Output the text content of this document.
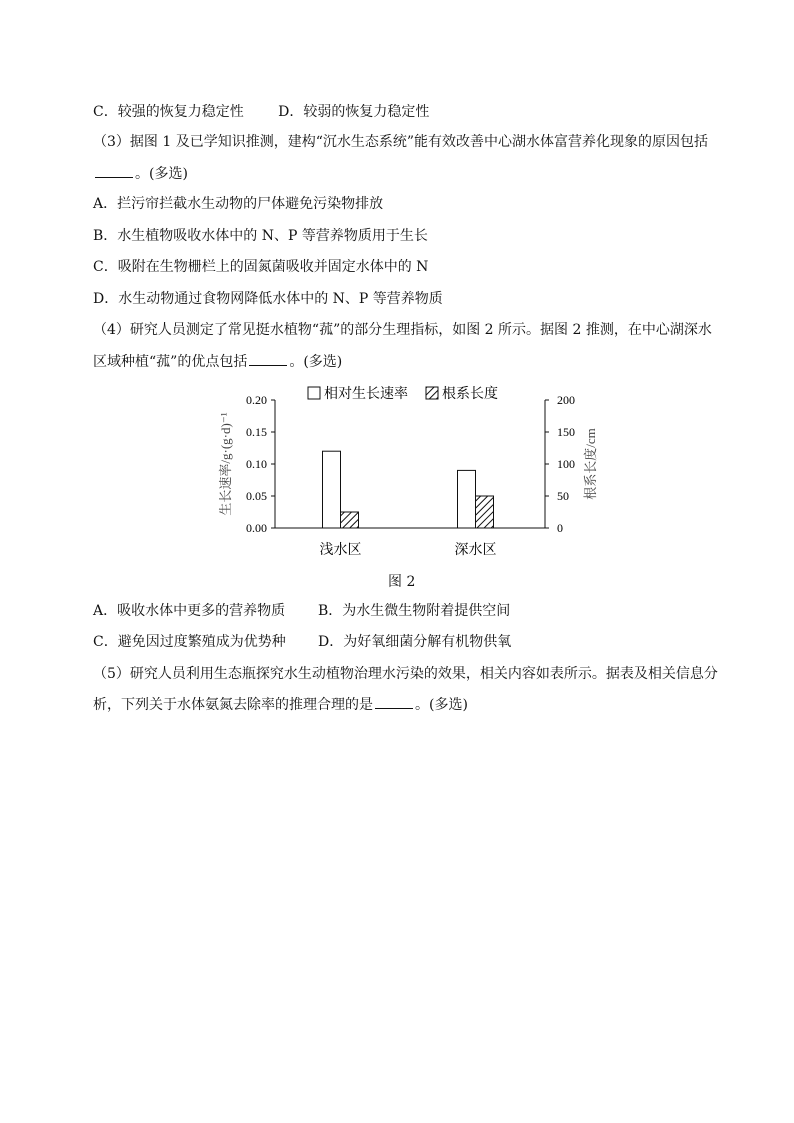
C．较强的恢复力稳定性 D．较弱的恢复力稳定性
（3）据图 1 及已学知识推测，建构“沉水生态系统”能有效改善中心湖水体富营养化现象的原因包括
。(多选)
A．拦污帘拦截水生动物的尸体避免污染物排放
B．水生植物吸收水体中的 N、P 等营养物质用于生长
C．吸附在生物栅栏上的固氮菌吸收并固定水体中的 N
D．水生动物通过食物网降低水体中的 N、P 等营养物质
（4）研究人员测定了常见挺水植物“菰”的部分生理指标，如图 2 所示。据图 2 推测，在中心湖深水
区域种植“菰”的优点包括	。(多选)
0.00
0.05
0.10
0.15
0.20
0
50
100
150
200
生长速率/g·(g·d)⁻¹	根系长度/cm
浅水区	深水区
相对生长速率 根系长度
图 2
A．吸收水体中更多的营养物质 B．为水生微生物附着提供空间
C．避免因过度繁殖成为优势种 D．为好氧细菌分解有机物供氧
（5）研究人员利用生态瓶探究水生动植物治理水污染的效果，相关内容如表所示。据表及相关信息分
析，下列关于水体氨氮去除率的推理合理的是	。(多选)
